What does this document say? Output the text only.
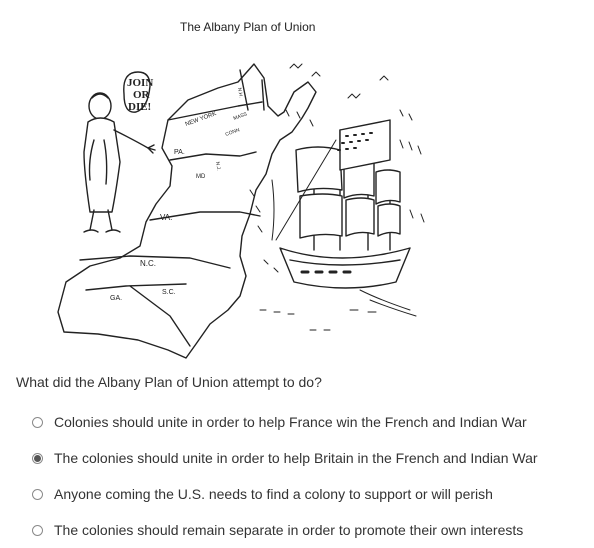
The Albany Plan of Union
JOIN
OR
DIE!
NEW YORK
PA.
MD
VA.
N.C.
S.C.
GA.
MASS
CONN
N.H.
N.J.
What did the Albany Plan of Union attempt to do?
Colonies should unite in order to help France win the French and Indian War
The colonies should unite in order to help Britain in the French and Indian War
Anyone coming the U.S. needs to find a colony to support or will perish
The colonies should remain separate in order to promote their own interests
